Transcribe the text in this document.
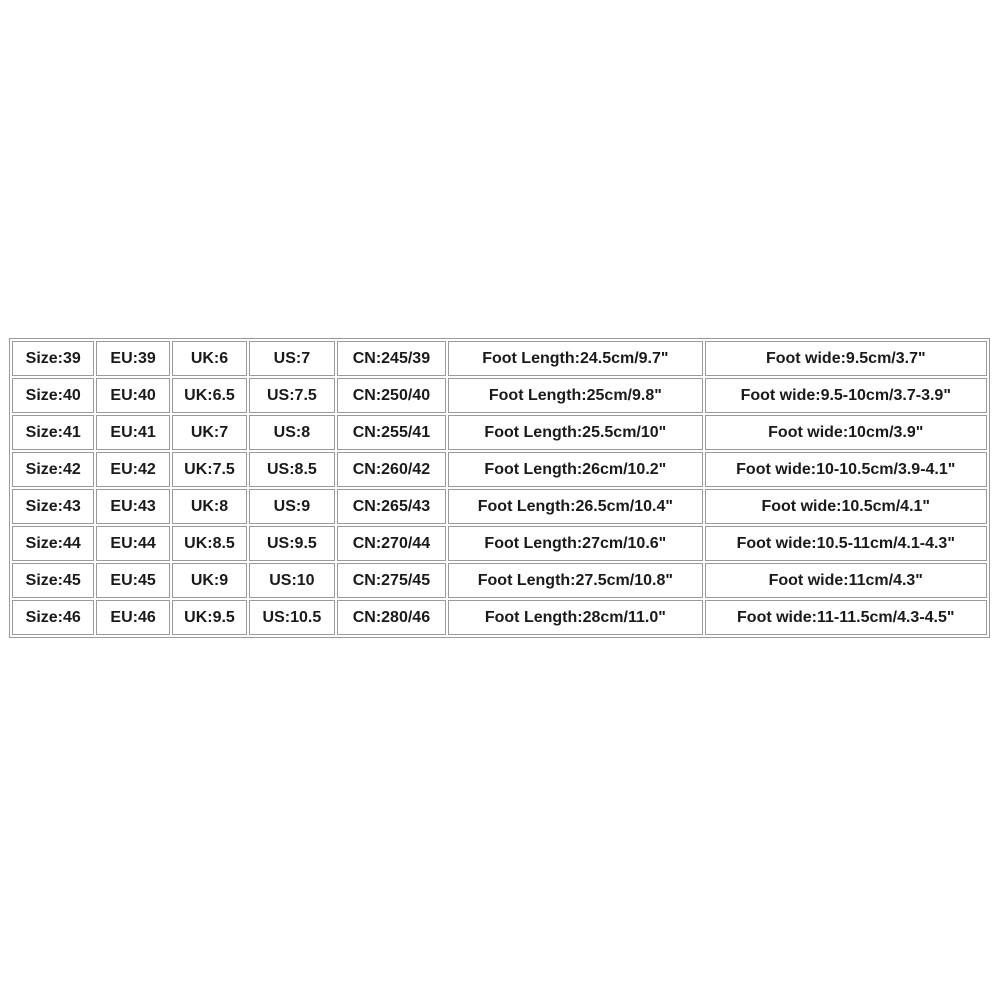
Size:39	EU:39	UK:6	US:7	CN:245/39	Foot Length:24.5cm/9.7"	Foot wide:9.5cm/3.7"
Size:40	EU:40	UK:6.5	US:7.5	CN:250/40	Foot Length:25cm/9.8"	Foot wide:9.5-10cm/3.7-3.9"
Size:41	EU:41	UK:7	US:8	CN:255/41	Foot Length:25.5cm/10"	Foot wide:10cm/3.9"
Size:42	EU:42	UK:7.5	US:8.5	CN:260/42	Foot Length:26cm/10.2"	Foot wide:10-10.5cm/3.9-4.1"
Size:43	EU:43	UK:8	US:9	CN:265/43	Foot Length:26.5cm/10.4"	Foot wide:10.5cm/4.1"
Size:44	EU:44	UK:8.5	US:9.5	CN:270/44	Foot Length:27cm/10.6"	Foot wide:10.5-11cm/4.1-4.3"
Size:45	EU:45	UK:9	US:10	CN:275/45	Foot Length:27.5cm/10.8"	Foot wide:11cm/4.3"
Size:46	EU:46	UK:9.5	US:10.5	CN:280/46	Foot Length:28cm/11.0"	Foot wide:11-11.5cm/4.3-4.5"
